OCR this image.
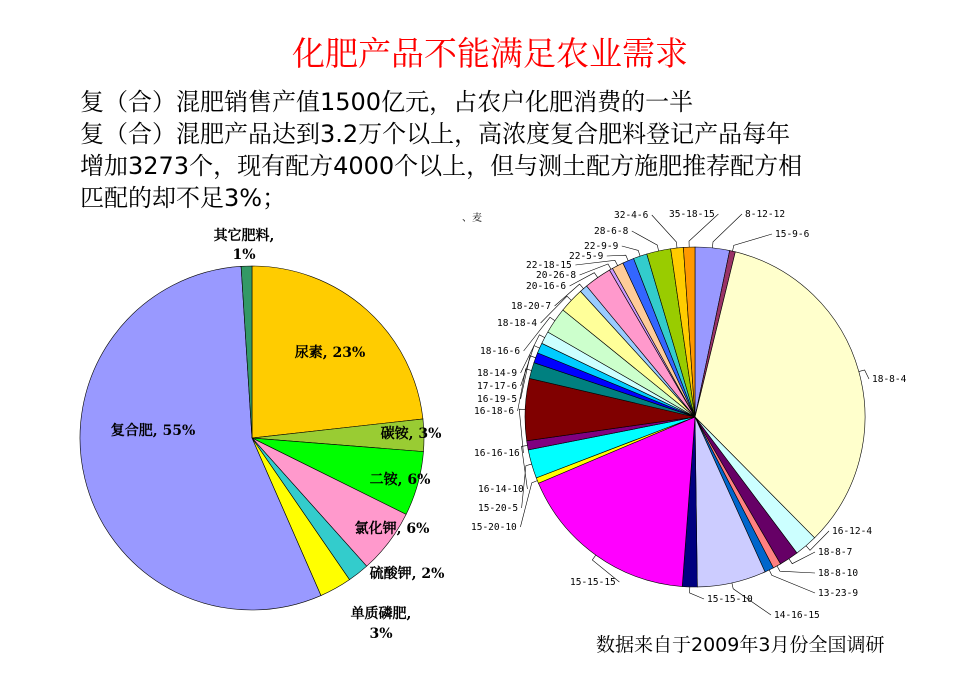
化肥产品不能满足农业需求
复（合）混肥销售产值1500亿元，占农户化肥消费的一半
复（合）混肥产品达到3.2万个以上，高浓度复合肥料登记产品每年
增加3273个，现有配方4000个以上，但与测土配方施肥推荐配方相
匹配的却不足3%；
、麦
尿素, 23%
碳铵, 3%
二铵, 6%
氯化钾, 6%
硫酸钾, 2%
单质磷肥,
3%
复合肥, 55%
其它肥料,
1%
8-12-12
15-9-6
18-8-4
16-12-4
18-8-7
18-8-10
13-23-9
14-16-15
15-15-10
15-15-15
15-20-10
15-20-5
16-14-10
16-16-16
16-18-6
16-19-5
17-17-6
18-14-9
18-16-6
18-18-4
18-20-7
20-16-6
20-26-8
22-18-15
22-5-9
22-9-9
28-6-8
32-4-6 35-18-15
数据来自于2009年3月份全国调研
